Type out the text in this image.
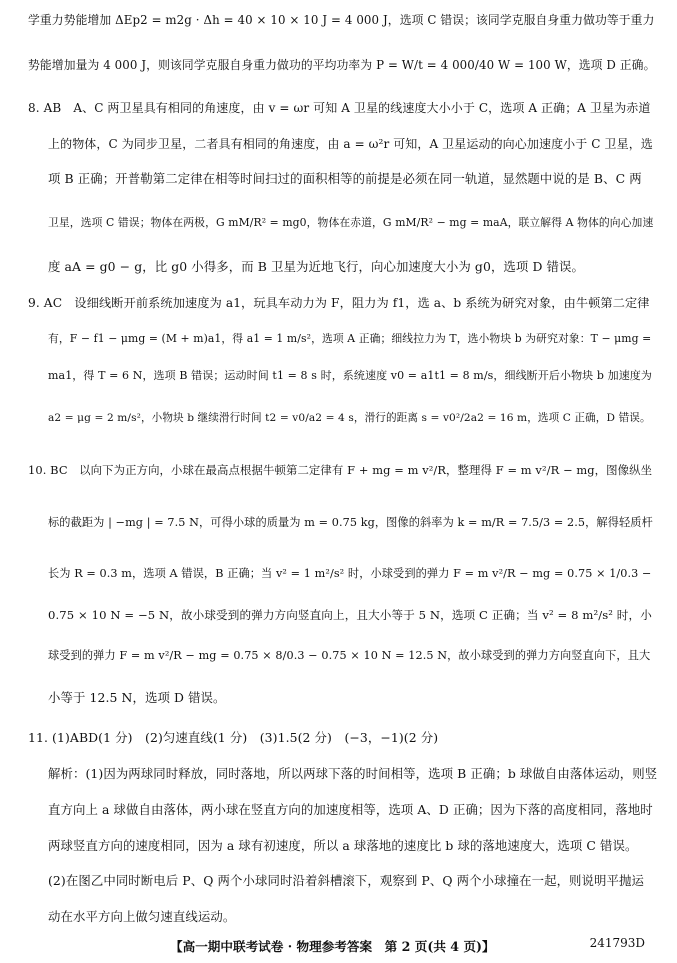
学重力势能增加 ΔEp2 = m2g · Δh = 40 × 10 × 10 J = 4 000 J，选项 C 错误；该同学克服自身重力做功等于重力
势能增加量为 4 000 J，则该同学克服自身重力做功的平均功率为 P = W/t = 4 000/40 W = 100 W，选项 D 正确。
8. AB　A、C 两卫星具有相同的角速度，由 v = ωr 可知 A 卫星的线速度大小小于 C，选项 A 正确；A 卫星为赤道
上的物体，C 为同步卫星，二者具有相同的角速度，由 a = ω²r 可知，A 卫星运动的向心加速度小于 C 卫星，选
项 B 正确；开普勒第二定律在相等时间扫过的面积相等的前提是必须在同一轨道，显然题中说的是 B、C 两
卫星，选项 C 错误；物体在两极，G mM/R² = mg0，物体在赤道，G mM/R² − mg = maA，联立解得 A 物体的向心加速
度 aA = g0 − g，比 g0 小得多，而 B 卫星为近地飞行，向心加速度大小为 g0，选项 D 错误。
9. AC　设细线断开前系统加速度为 a1，玩具车动力为 F，阻力为 f1，选 a、b 系统为研究对象，由牛顿第二定律
有，F − f1 − μmg = (M + m)a1，得 a1 = 1 m/s²，选项 A 正确；细线拉力为 T，选小物块 b 为研究对象：T − μmg =
ma1，得 T = 6 N，选项 B 错误；运动时间 t1 = 8 s 时，系统速度 v0 = a1t1 = 8 m/s，细线断开后小物块 b 加速度为
a2 = μg = 2 m/s²，小物块 b 继续滑行时间 t2 = v0/a2 = 4 s，滑行的距离 s = v0²/2a2 = 16 m，选项 C 正确，D 错误。
10. BC　以向下为正方向，小球在最高点根据牛顿第二定律有 F + mg = m v²/R，整理得 F = m v²/R − mg，图像纵坐
标的截距为 | −mg | = 7.5 N，可得小球的质量为 m = 0.75 kg，图像的斜率为 k = m/R = 7.5/3 = 2.5，解得轻质杆
长为 R = 0.3 m，选项 A 错误，B 正确；当 v² = 1 m²/s² 时，小球受到的弹力 F = m v²/R − mg = 0.75 × 1/0.3 −
0.75 × 10 N = −5 N，故小球受到的弹力方向竖直向上，且大小等于 5 N，选项 C 正确；当 v² = 8 m²/s² 时，小
球受到的弹力 F = m v²/R − mg = 0.75 × 8/0.3 − 0.75 × 10 N = 12.5 N，故小球受到的弹力方向竖直向下，且大
小等于 12.5 N，选项 D 错误。
11. (1)ABD(1 分)　(2)匀速直线(1 分)　(3)1.5(2 分)　(−3，−1)(2 分)
解析：(1)因为两球同时释放，同时落地，所以两球下落的时间相等，选项 B 正确；b 球做自由落体运动，则竖
直方向上 a 球做自由落体，两小球在竖直方向的加速度相等，选项 A、D 正确；因为下落的高度相同，落地时
两球竖直方向的速度相同，因为 a 球有初速度，所以 a 球落地的速度比 b 球的落地速度大，选项 C 错误。
(2)在图乙中同时断电后 P、Q 两个小球同时沿着斜槽滚下，观察到 P、Q 两个小球撞在一起，则说明平抛运
动在水平方向上做匀速直线运动。
【高一期中联考试卷 · 物理参考答案　第 2 页(共 4 页)】	241793D
